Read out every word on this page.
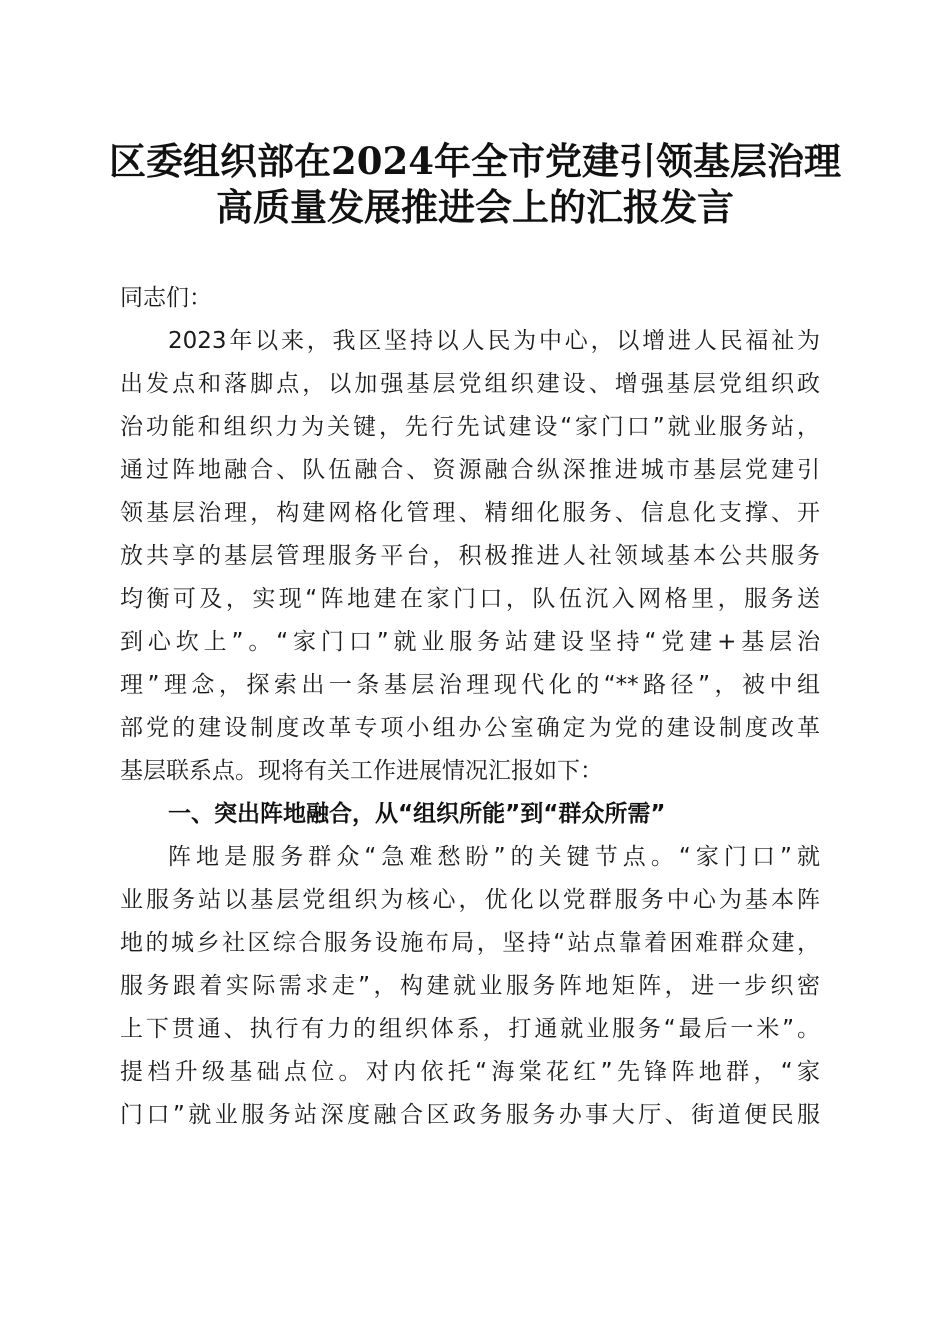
区委组织部在2024年全市党建引领基层治理
高质量发展推进会上的汇报发言
同志们：
2023年以来，我区坚持以人民为中心，以增进人民福祉为
出发点和落脚点，以加强基层党组织建设、增强基层党组织政
治功能和组织力为关键，先行先试建设“家门口”就业服务站，
通过阵地融合、队伍融合、资源融合纵深推进城市基层党建引
领基层治理，构建网格化管理、精细化服务、信息化支撑、开
放共享的基层管理服务平台，积极推进人社领域基本公共服务
均衡可及，实现“阵地建在家门口，队伍沉入网格里，服务送
到心坎上”。“家门口”就业服务站建设坚持“党建+基层治
理”理念，探索出一条基层治理现代化的“**路径”，被中组
部党的建设制度改革专项小组办公室确定为党的建设制度改革
基层联系点。现将有关工作进展情况汇报如下：
一、突出阵地融合，从“组织所能”到“群众所需”
阵地是服务群众“急难愁盼”的关键节点。“家门口”就
业服务站以基层党组织为核心，优化以党群服务中心为基本阵
地的城乡社区综合服务设施布局，坚持“站点靠着困难群众建，
服务跟着实际需求走”，构建就业服务阵地矩阵，进一步织密
上下贯通、执行有力的组织体系，打通就业服务“最后一米”。
提档升级基础点位。对内依托“海棠花红”先锋阵地群，“家
门口”就业服务站深度融合区政务服务办事大厅、街道便民服
